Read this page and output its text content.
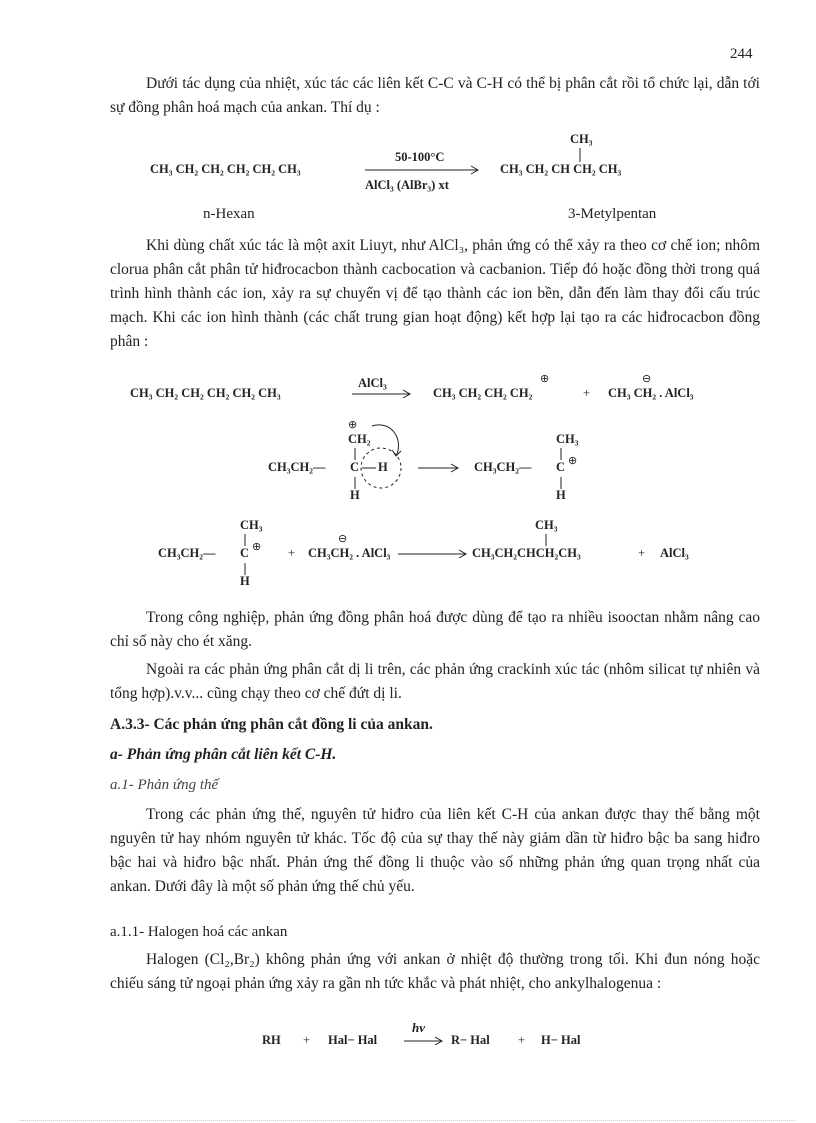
244
Dưới tác dụng của nhiệt, xúc tác các liên kết C-C và C-H có thể bị phân cắt rồi tổ chức lại, dẫn tới sự đồng phân hoá mạch của ankan. Thí dụ :
CH₃ CH₂ CH₂ CH₂ CH₂ CH₃
50-100°C
AlCl₃ (AlBr₃) xt
CH₃
CH₃ CH₂ CH CH₂ CH₃
n-Hexan	3-Metylpentan
Khi dùng chất xúc tác là một axit Liuyt, như AlCl₃, phản ứng có thể xảy ra theo cơ chế ion; nhôm clorua phân cắt phân tử hiđrocacbon thành cacbocation và cacbanion. Tiếp đó hoặc đồng thời trong quá trình hình thành các ion, xảy ra sự chuyển vị để tạo thành các ion bền, dẫn đến làm thay đổi cấu trúc mạch. Khi các ion hình thành (các chất trung gian hoạt động) kết hợp lại tạo ra các hiđrocacbon đồng phân :
CH₃ CH₂ CH₂ CH₂ CH₂ CH₃
AlCl₃
CH₃ CH₂ CH₂ CH₂
⊕
+ CH₃ CH₂ . AlCl₃
⊖
⊕
CH₂
CH₃CH₂— C H
H
CH₃
CH₃CH₂— C ⊕
H
CH₃
CH₃CH₂— C ⊕
H
+
⊖
CH₃CH₂ . AlCl₃
CH₃
CH₃CH₂CHCH₂CH₃	+ AlCl₃
Trong công nghiệp, phản ứng đồng phân hoá được dùng để tạo ra nhiều isooctan nhằm nâng cao chỉ số này cho ét xăng.
Ngoài ra các phản ứng phân cắt dị li trên, các phản ứng crackinh xúc tác (nhôm silicat tự nhiên và tổng hợp).v.v... cũng chạy theo cơ chế đứt dị li.
A.3.3- Các phản ứng phân cắt đồng li của ankan.
a- Phản ứng phân cắt liên kết C-H.
a.1- Phản ứng thế
Trong các phản ứng thế, nguyên tử hiđro của liên kết C-H của ankan được thay thế bằng một nguyên tử hay nhóm nguyên tử khác. Tốc độ của sự thay thế này giảm dần từ hiđro bậc ba sang hiđro bậc hai và hiđro bậc nhất. Phản ứng thế đồng li thuộc vào số những phản ứng quan trọng nhất của ankan. Dưới đây là một số phản ứng thế chủ yếu.
a.1.1- Halogen hoá các ankan
Halogen (Cl₂,Br₂) không phản ứng với ankan ở nhiệt độ thường trong tối. Khi đun nóng hoặc chiếu sáng tử ngoại phản ứng xảy ra gần nh tức khắc và phát nhiệt, cho ankylhalogenua :
RH + Hal− Hal
hν
R− Hal + H− Hal
